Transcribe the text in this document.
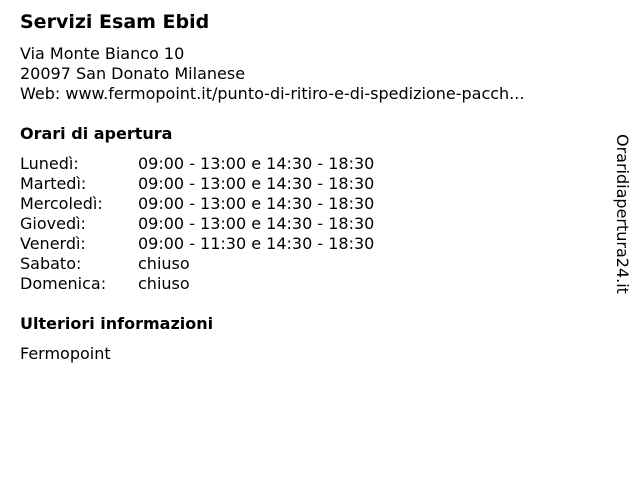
Servizi Esam Ebid
Via Monte Bianco 10
20097 San Donato Milanese
Web: www.fermopoint.it/punto-di-ritiro-e-di-spedizione-pacch...
Orari di apertura
Lunedì:	09:00 - 13:00 e 14:30 - 18:30
Martedì:	09:00 - 13:00 e 14:30 - 18:30
Mercoledì: 09:00 - 13:00 e 14:30 - 18:30
Giovedì:	09:00 - 13:00 e 14:30 - 18:30
Venerdì:	09:00 - 11:30 e 14:30 - 18:30
Sabato:	chiuso
Domenica: chiuso
Ulteriori informazioni
Fermopoint
Oraridiapertura24.it
